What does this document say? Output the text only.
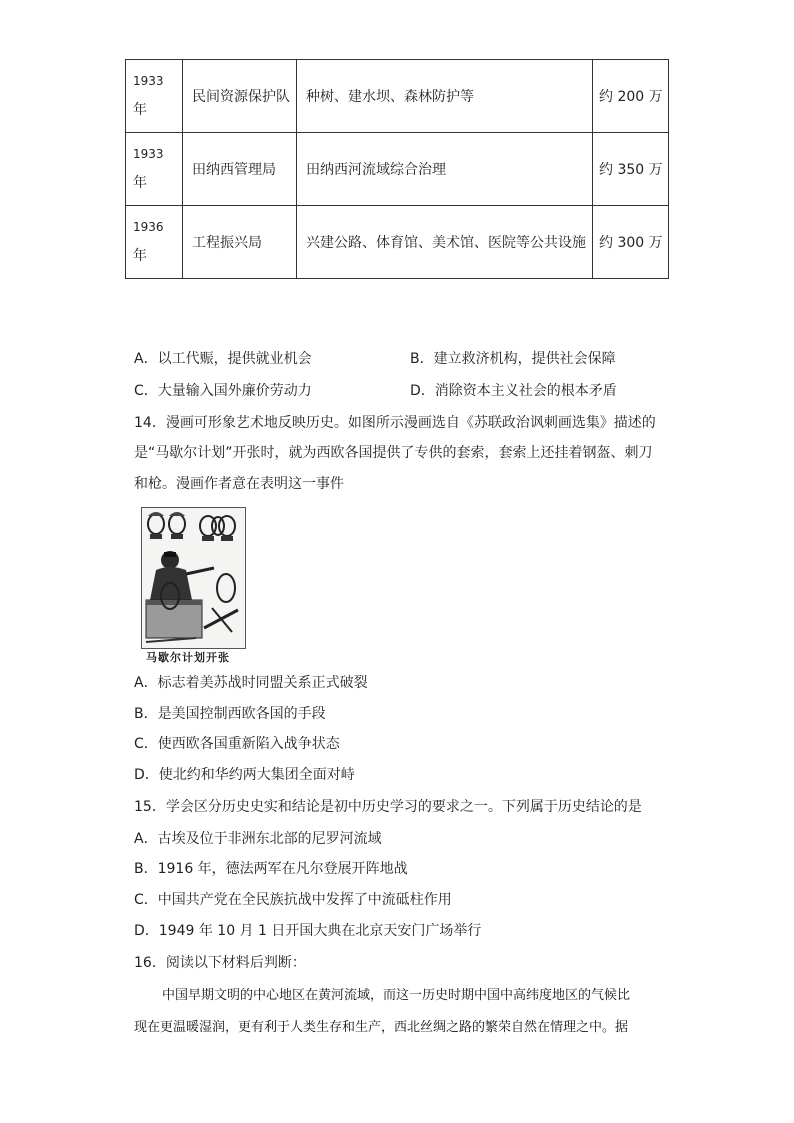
1933
年	民间资源保护队	种树、建水坝、森林防护等	约 200 万

1933
年	田纳西管理局	田纳西河流域综合治理	约 350 万

1936
年	工程振兴局	兴建公路、体育馆、美术馆、医院等公共设施	约 300 万
A．以工代赈，提供就业机会	B．建立救济机构，提供社会保障
C．大量输入国外廉价劳动力	D．消除资本主义社会的根本矛盾
14．漫画可形象艺术地反映历史。如图所示漫画选自《苏联政治讽刺画选集》描述的
是“马歇尔计划”开张时，就为西欧各国提供了专供的套索，套索上还挂着钢盔、刺刀
和枪。漫画作者意在表明这一事件
马歇尔计划开张
A．标志着美苏战时同盟关系正式破裂
B．是美国控制西欧各国的手段
C．使西欧各国重新陷入战争状态
D．使北约和华约两大集团全面对峙
15．学会区分历史史实和结论是初中历史学习的要求之一。下列属于历史结论的是
A．古埃及位于非洲东北部的尼罗河流域
B．1916 年，德法两军在凡尔登展开阵地战
C．中国共产党在全民族抗战中发挥了中流砥柱作用
D．1949 年 10 月 1 日开国大典在北京天安门广场举行
16．阅读以下材料后判断：
中国早期文明的中心地区在黄河流域，而这一历史时期中国中高纬度地区的气候比
现在更温暖湿润，更有利于人类生存和生产，西北丝绸之路的繁荣自然在情理之中。据
